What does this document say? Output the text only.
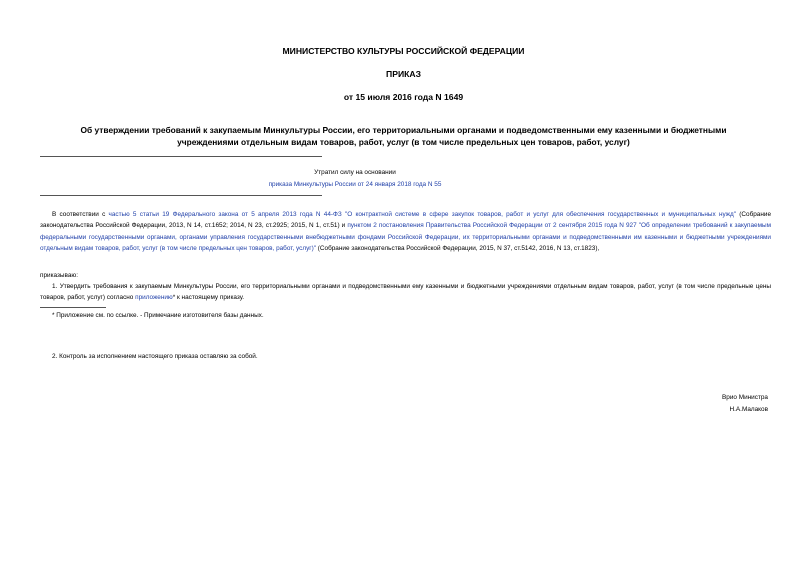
МИНИСТЕРСТВО КУЛЬТУРЫ РОССИЙСКОЙ ФЕДЕРАЦИИ
ПРИКАЗ
от 15 июля 2016 года N 1649
Об утверждении требований к закупаемым Минкультуры России, его территориальными органами и подведомственными ему казенными и бюджетными
учреждениями отдельным видам товаров, работ, услуг (в том числе предельных цен товаров, работ, услуг)
Утратил силу на основании
приказа Минкультуры России от 24 января 2018 года N 55
В соответствии с частью 5 статьи 19 Федерального закона от 5 апреля 2013 года N 44-ФЗ "О контрактной системе в сфере закупок товаров, работ и услуг для обеспечения государственных и муниципальных нужд" (Собрание законодательства Российской Федерации, 2013, N 14, ст.1652; 2014, N 23, ст.2925; 2015, N 1, ст.51) и пунктом 2 постановления Правительства Российской Федерации от 2 сентября 2015 года N 927 "Об определении требований к закупаемым федеральными государственными органами, органами управления государственными внебюджетными фондами Российской Федерации, их территориальными органами и подведомственными им казенными и бюджетными учреждениями отдельным видам товаров, работ, услуг (в том числе предельных цен товаров, работ, услуг)" (Собрание законодательства Российской Федерации, 2015, N 37, ст.5142, 2016, N 13, ст.1823),
приказываю:
1. Утвердить требования к закупаемым Минкультуры России, его территориальными органами и подведомственными ему казенными и бюджетными учреждениями отдельным видам товаров, работ, услуг (в том числе предельные цены товаров, работ, услуг) согласно приложению* к настоящему приказу.
* Приложение см. по ссылке. - Примечание изготовителя базы данных.
2. Контроль за исполнением настоящего приказа оставляю за собой.
Врио Министра
Н.А.Малаков
